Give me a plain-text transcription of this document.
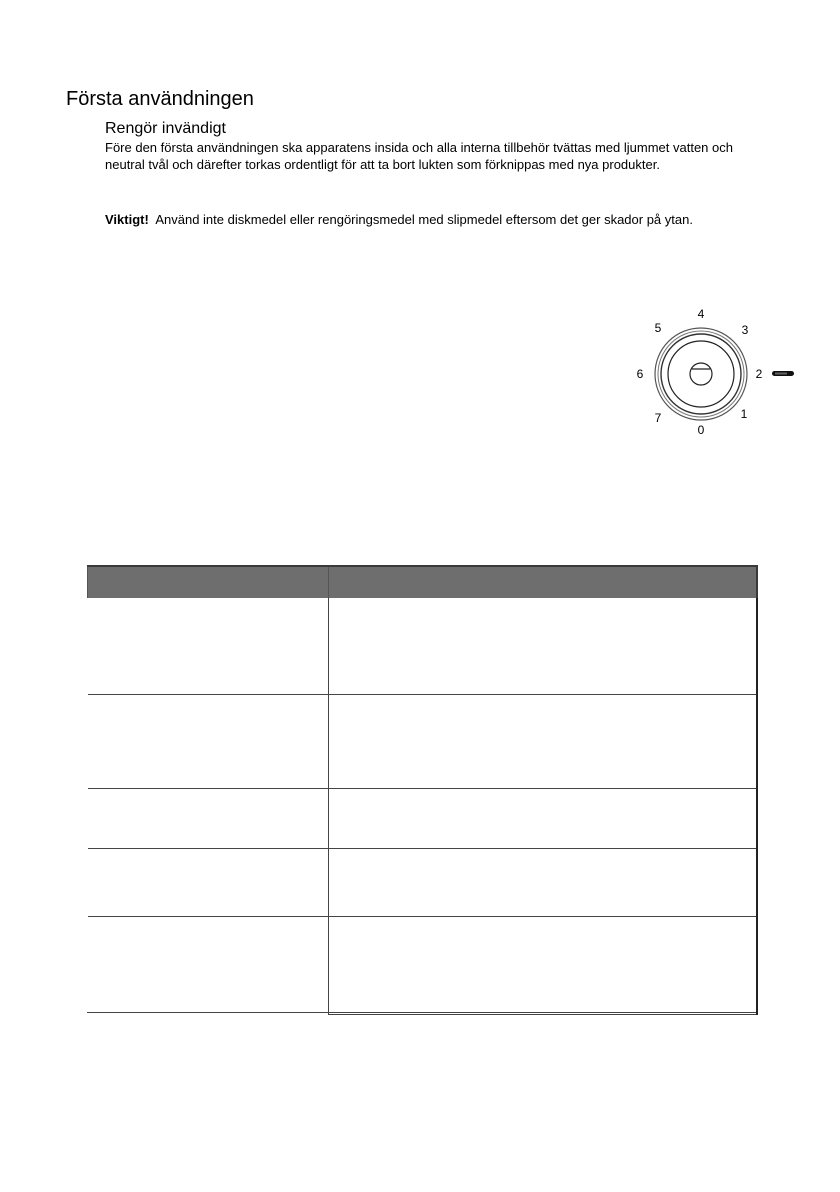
Första användningen
Rengör invändigt

Före den första användningen ska apparatens insida och alla interna tillbehör tvättas med ljummet vatten och
neutral tvål och därefter torkas ordentligt för att ta bort lukten som förknippas med nya produkter.

Viktigt! Använd inte diskmedel eller rengöringsmedel med slipmedel eftersom det ger skador på ytan.

4
3
2
1
0
7
6
5
